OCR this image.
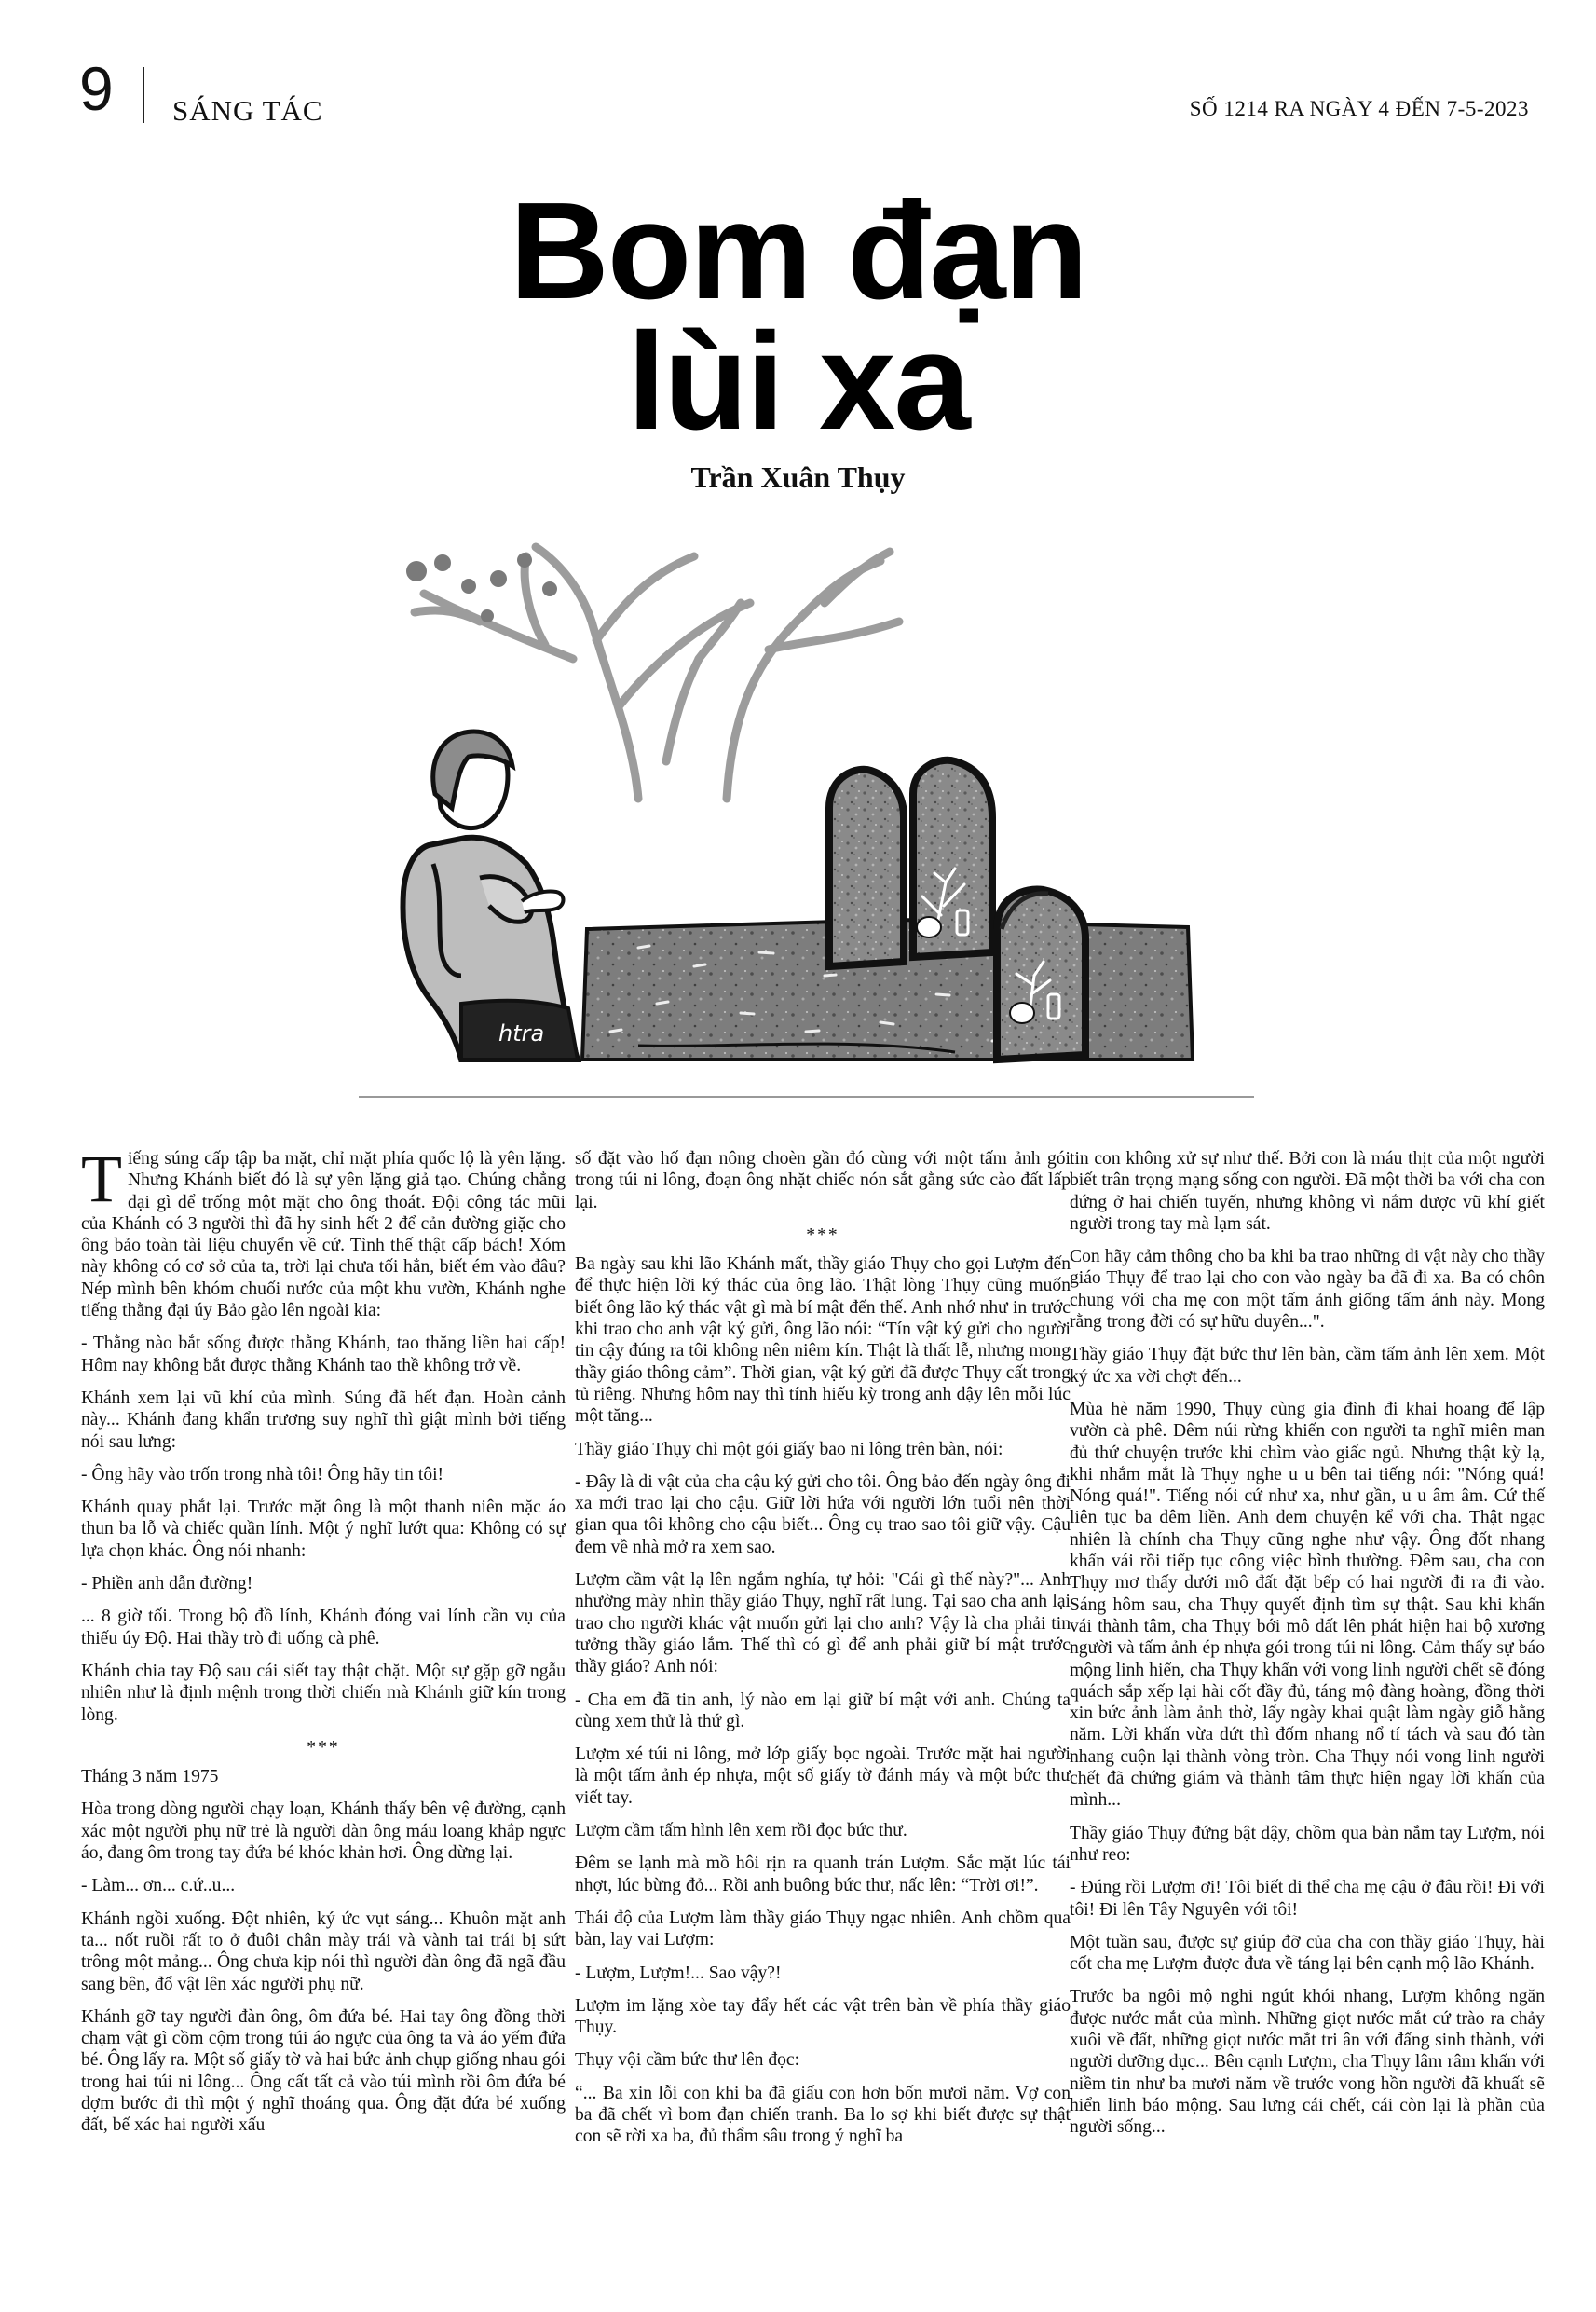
9 SÁNG TÁC	SỐ 1214 RA NGÀY 4 ĐẾN 7-5-2023
Bom đạn
lùi xa
Trần Xuân Thụy
htra

Tiếng súng cấp tập ba mặt, chỉ mặt phía quốc lộ là yên lặng. Nhưng Khánh biết đó là sự yên lặng giả tạo. Chúng chẳng dại gì để trống một mặt cho ông thoát. Đội công tác mũi của Khánh có 3 người thì đã hy sinh hết 2 để cản đường giặc cho ông bảo toàn tài liệu chuyển về cứ. Tình thế thật cấp bách! Xóm này không có cơ sở của ta, trời lại chưa tối hẳn, biết ém vào đâu? Nép mình bên khóm chuối nước của một khu vườn, Khánh nghe tiếng thằng đại úy Bảo gào lên ngoài kia:

- Thằng nào bắt sống được thằng Khánh, tao thăng liền hai cấp! Hôm nay không bắt được thằng Khánh tao thề không trở về.

Khánh xem lại vũ khí của mình. Súng đã hết đạn. Hoàn cảnh này... Khánh đang khẩn trương suy nghĩ thì giật mình bởi tiếng nói sau lưng:

- Ông hãy vào trốn trong nhà tôi! Ông hãy tin tôi!

Khánh quay phắt lại. Trước mặt ông là một thanh niên mặc áo thun ba lỗ và chiếc quần lính. Một ý nghĩ lướt qua: Không có sự lựa chọn khác. Ông nói nhanh:

- Phiền anh dẫn đường!

... 8 giờ tối. Trong bộ đồ lính, Khánh đóng vai lính cần vụ của thiếu úy Độ. Hai thầy trò đi uống cà phê.

Khánh chia tay Độ sau cái siết tay thật chặt. Một sự gặp gỡ ngẫu nhiên như là định mệnh trong thời chiến mà Khánh giữ kín trong lòng.

***

Tháng 3 năm 1975

Hòa trong dòng người chạy loạn, Khánh thấy bên vệ đường, cạnh xác một người phụ nữ trẻ là người đàn ông máu loang khắp ngực áo, đang ôm trong tay đứa bé khóc khản hơi. Ông dừng lại.

- Làm... ơn... c.ứ..u...

Khánh ngồi xuống. Đột nhiên, ký ức vụt sáng... Khuôn mặt anh ta... nốt ruồi rất to ở đuôi chân mày trái và vành tai trái bị sứt trông một mảng... Ông chưa kịp nói thì người đàn ông đã ngã đầu sang bên, đổ vật lên xác người phụ nữ.

Khánh gỡ tay người đàn ông, ôm đứa bé. Hai tay ông đồng thời chạm vật gì cồm cộm trong túi áo ngực của ông ta và áo yếm đứa bé. Ông lấy ra. Một số giấy tờ và hai bức ảnh chụp giống nhau gói trong hai túi ni lông... Ông cất tất cả vào túi mình rồi ôm đứa bé dợm bước đi thì một ý nghĩ thoáng qua. Ông đặt đứa bé xuống đất, bế xác hai người xấu

số đặt vào hố đạn nông choèn gần đó cùng với một tấm ảnh gói trong túi ni lông, đoạn ông nhặt chiếc nón sắt gằng sức cào đất lấp lại.

***

Ba ngày sau khi lão Khánh mất, thầy giáo Thụy cho gọi Lượm đến để thực hiện lời ký thác của ông lão. Thật lòng Thụy cũng muốn biết ông lão ký thác vật gì mà bí mật đến thế. Anh nhớ như in trước khi trao cho anh vật ký gửi, ông lão nói: “Tín vật ký gửi cho người tin cậy đúng ra tôi không nên niêm kín. Thật là thất lễ, nhưng mong thầy giáo thông cảm”. Thời gian, vật ký gửi đã được Thụy cất trong tủ riêng. Nhưng hôm nay thì tính hiếu kỳ trong anh dậy lên mỗi lúc một tăng...

Thầy giáo Thụy chỉ một gói giấy bao ni lông trên bàn, nói:

- Đây là di vật của cha cậu ký gửi cho tôi. Ông bảo đến ngày ông đi xa mới trao lại cho cậu. Giữ lời hứa với người lớn tuổi nên thời gian qua tôi không cho cậu biết... Ông cụ trao sao tôi giữ vậy. Cậu đem về nhà mở ra xem sao.

Lượm cầm vật lạ lên ngắm nghía, tự hỏi: "Cái gì thế này?"... Anh nhường mày nhìn thầy giáo Thụy, nghĩ rất lung. Tại sao cha anh lại trao cho người khác vật muốn gửi lại cho anh? Vậy là cha phải tin tưởng thầy giáo lắm. Thế thì có gì để anh phải giữ bí mật trước thầy giáo? Anh nói:

- Cha em đã tin anh, lý nào em lại giữ bí mật với anh. Chúng ta cùng xem thử là thứ gì.

Lượm xé túi ni lông, mở lớp giấy bọc ngoài. Trước mặt hai người là một tấm ảnh ép nhựa, một số giấy tờ đánh máy và một bức thư viết tay.

Lượm cầm tấm hình lên xem rồi đọc bức thư.

Đêm se lạnh mà mồ hôi rịn ra quanh trán Lượm. Sắc mặt lúc tái nhợt, lúc bừng đỏ... Rồi anh buông bức thư, nấc lên: “Trời ơi!”.

Thái độ của Lượm làm thầy giáo Thụy ngạc nhiên. Anh chồm qua bàn, lay vai Lượm:

- Lượm, Lượm!... Sao vậy?!

Lượm im lặng xòe tay đẩy hết các vật trên bàn về phía thầy giáo Thụy.

Thụy vội cầm bức thư lên đọc:

“... Ba xin lỗi con khi ba đã giấu con hơn bốn mươi năm. Vợ con ba đã chết vì bom đạn chiến tranh. Ba lo sợ khi biết được sự thật con sẽ rời xa ba, đủ thẩm sâu trong ý nghĩ ba

tin con không xử sự như thế. Bởi con là máu thịt của một người biết trân trọng mạng sống con người. Đã một thời ba với cha con đứng ở hai chiến tuyến, nhưng không vì nắm được vũ khí giết người trong tay mà lạm sát.

Con hãy cảm thông cho ba khi ba trao những di vật này cho thầy giáo Thụy để trao lại cho con vào ngày ba đã đi xa. Ba có chôn chung với cha mẹ con một tấm ảnh giống tấm ảnh này. Mong rằng trong đời có sự hữu duyên...".

Thầy giáo Thụy đặt bức thư lên bàn, cầm tấm ảnh lên xem. Một ký ức xa vời chợt đến...

Mùa hè năm 1990, Thụy cùng gia đình đi khai hoang để lập vườn cà phê. Đêm núi rừng khiến con người ta nghĩ miên man đủ thứ chuyện trước khi chìm vào giấc ngủ. Nhưng thật kỳ lạ, khi nhắm mắt là Thụy nghe u u bên tai tiếng nói: "Nóng quá! Nóng quá!". Tiếng nói cứ như xa, như gần, u u âm âm. Cứ thế liên tục ba đêm liền. Anh đem chuyện kể với cha. Thật ngạc nhiên là chính cha Thụy cũng nghe như vậy. Ông đốt nhang khấn vái rồi tiếp tục công việc bình thường. Đêm sau, cha con Thụy mơ thấy dưới mô đất đặt bếp có hai người đi ra đi vào. Sáng hôm sau, cha Thụy quyết định tìm sự thật. Sau khi khấn vái thành tâm, cha Thụy bới mô đất lên phát hiện hai bộ xương người và tấm ảnh ép nhựa gói trong túi ni lông. Cảm thấy sự báo mộng linh hiển, cha Thụy khấn với vong linh người chết sẽ đóng quách sắp xếp lại hài cốt đầy đủ, táng mộ đàng hoàng, đồng thời xin bức ảnh làm ảnh thờ, lấy ngày khai quật làm ngày giỗ hằng năm. Lời khấn vừa dứt thì đốm nhang nổ tí tách và sau đó tàn nhang cuộn lại thành vòng tròn. Cha Thụy nói vong linh người chết đã chứng giám và thành tâm thực hiện ngay lời khấn của mình...

Thầy giáo Thụy đứng bật dậy, chồm qua bàn nắm tay Lượm, nói như reo:

- Đúng rồi Lượm ơi! Tôi biết di thể cha mẹ cậu ở đâu rồi! Đi với tôi! Đi lên Tây Nguyên với tôi!

Một tuần sau, được sự giúp đỡ của cha con thầy giáo Thụy, hài cốt cha mẹ Lượm được đưa về táng lại bên cạnh mộ lão Khánh.

Trước ba ngôi mộ nghi ngút khói nhang, Lượm không ngăn được nước mắt của mình. Những giọt nước mắt cứ trào ra chảy xuôi về đất, những giọt nước mắt tri ân với đấng sinh thành, với người dưỡng dục... Bên cạnh Lượm, cha Thụy lâm râm khấn với niềm tin như ba mươi năm về trước vong hồn người đã khuất sẽ hiển linh báo mộng. Sau lưng cái chết, cái còn lại là phần của người sống...
